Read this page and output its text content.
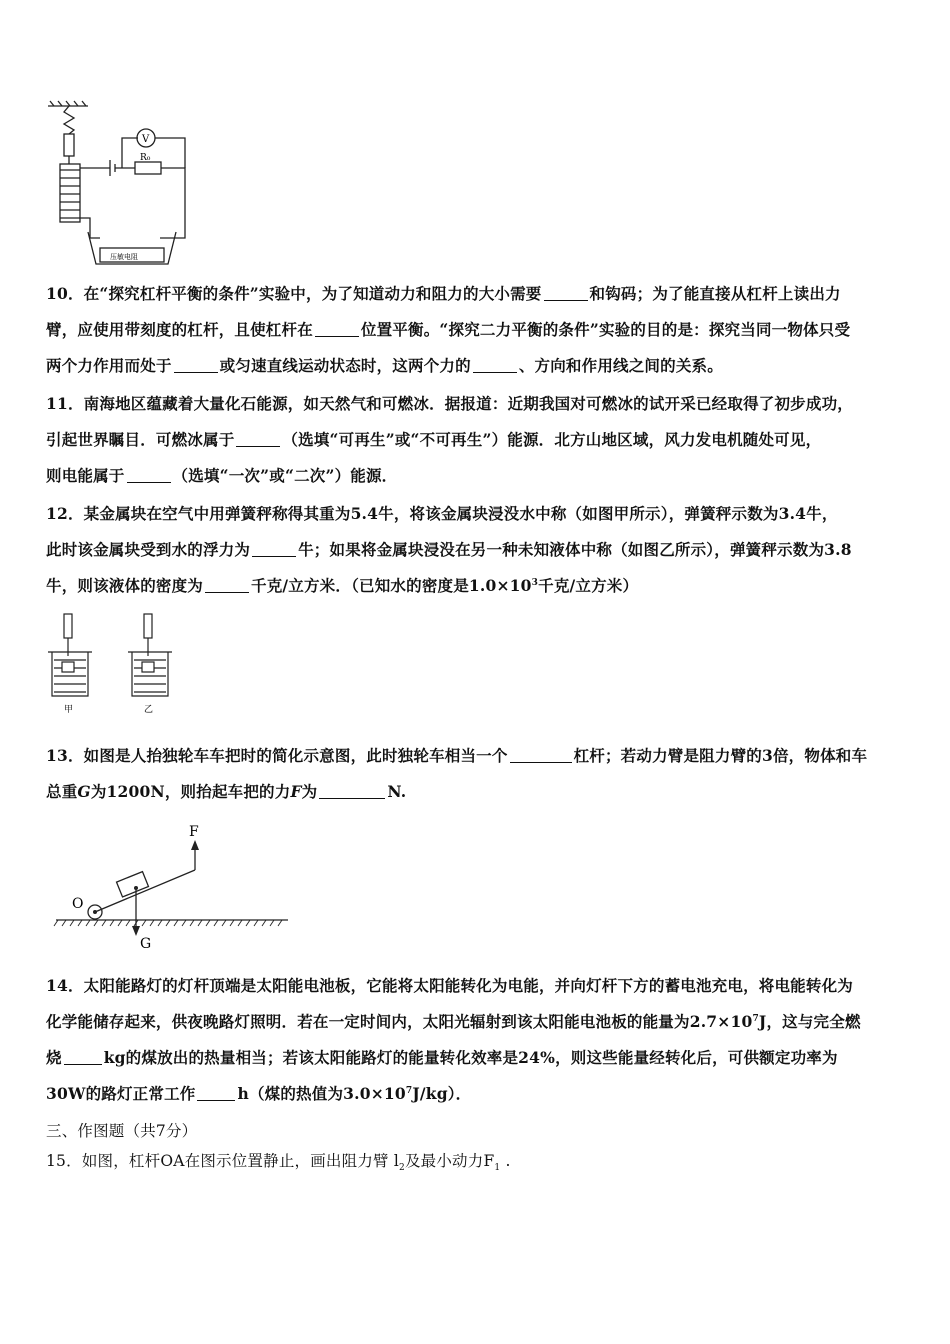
V
R₀
压敏电阻
10．在“探究杠杆平衡的条件”实验中，为了知道动力和阻力的大小需要	和钩码；为了能直接从杠杆上读出力
臂，应使用带刻度的杠杆，且使杠杆在	位置平衡。“探究二力平衡的条件”实验的目的是：探究当同一物体只受
两个力作用而处于	或匀速直线运动状态时，这两个力的	、方向和作用线之间的关系。
11．南海地区蕴藏着大量化石能源，如天然气和可燃冰．据报道：近期我国对可燃冰的试开采已经取得了初步成功，
引起世界瞩目．可燃冰属于	（选填“可再生”或“不可再生”）能源．北方山地区域，风力发电机随处可见，
则电能属于	（选填“一次”或“二次”）能源．
12．某金属块在空气中用弹簧秤称得其重为5.4牛，将该金属块浸没水中称（如图甲所示），弹簧秤示数为3.4牛，
此时该金属块受到水的浮力为	牛；如果将金属块浸没在另一种未知液体中称（如图乙所示），弹簧秤示数为3.8
牛，则该液体的密度为	千克/立方米．（已知水的密度是$1.0\times 10^3$千克/立方米）
甲	乙
13．如图是人抬独轮车车把时的简化示意图，此时独轮车相当一个	杠杆；若动力臂是阻力臂的3倍，物体和车
总重G为1200N，则抬起车把的力F为	N.
F
O
G
14．太阳能路灯的灯杆顶端是太阳能电池板，它能将太阳能转化为电能，并向灯杆下方的蓄电池充电，将电能转化为
化学能储存起来，供夜晚路灯照明．若在一定时间内，太阳光辐射到该太阳能电池板的能量为$2.7\times 10^7J$，这与完全燃
烧	kg的煤放出的热量相当；若该太阳能路灯的能量转化效率是24%，则这些能量经转化后，可供额定功率为
30W的路灯正常工作	h（煤的热值为$3.0\times 10^7J/kg$）．
三、作图题（共7分）
15．如图，杠杆OA在图示位置静止，画出阻力臂 $l_2$及最小动力$F_1$ .
